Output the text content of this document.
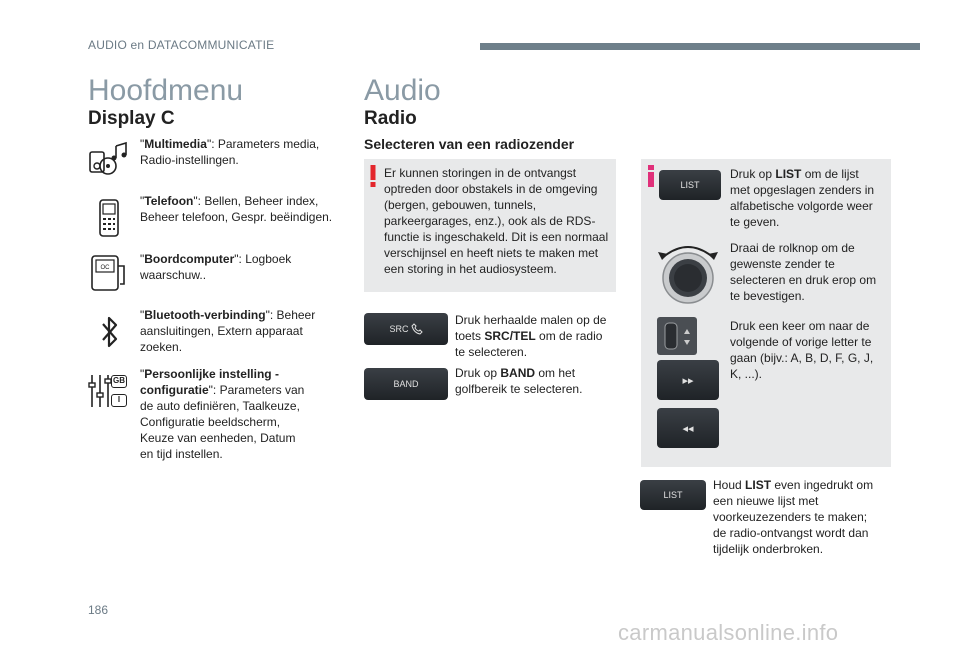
AUDIO en DATACOMMUNICATIE
Hoofdmenu
Display C
"Multimedia": Parameters media, Radio-instellingen.
"Telefoon": Bellen, Beheer index, Beheer telefoon, Gespr. beëindigen.
OC
"Boordcomputer": Logboek waarschuw..
"Bluetooth-verbinding": Beheer aansluitingen, Extern apparaat zoeken.
GB
I
"Persoonlijke instelling - configuratie": Parameters van de auto definiëren, Taalkeuze, Configuratie beeldscherm, Keuze van eenheden, Datum en tijd instellen.
Audio
Radio
Selecteren van een radiozender
Er kunnen storingen in de ontvangst optreden door obstakels in de omgeving (bergen, gebouwen, tunnels, parkeergarages, enz.), ook als de RDS-functie is ingeschakeld. Dit is een normaal verschijnsel en heeft niets te maken met een storing in het audiosysteem.
SRC
Druk herhaalde malen op de toets SRC/TEL om de radio te selecteren.
BAND
Druk op BAND om het golfbereik te selecteren.
LIST
Druk op LIST om de lijst met opgeslagen zenders in alfabetische volgorde weer te geven.
Draai de rolknop om de gewenste zender te selecteren en druk erop om te bevestigen.
Druk een keer om naar de volgende of vorige letter te gaan (bijv.: A, B, D, F, G, J, K, ...).
▸▸
◂◂
LIST
Houd LIST even ingedrukt om een nieuwe lijst met voorkeuzezenders te maken; de radio-ontvangst wordt dan tijdelijk onderbroken.
186
carmanualsonline.info
